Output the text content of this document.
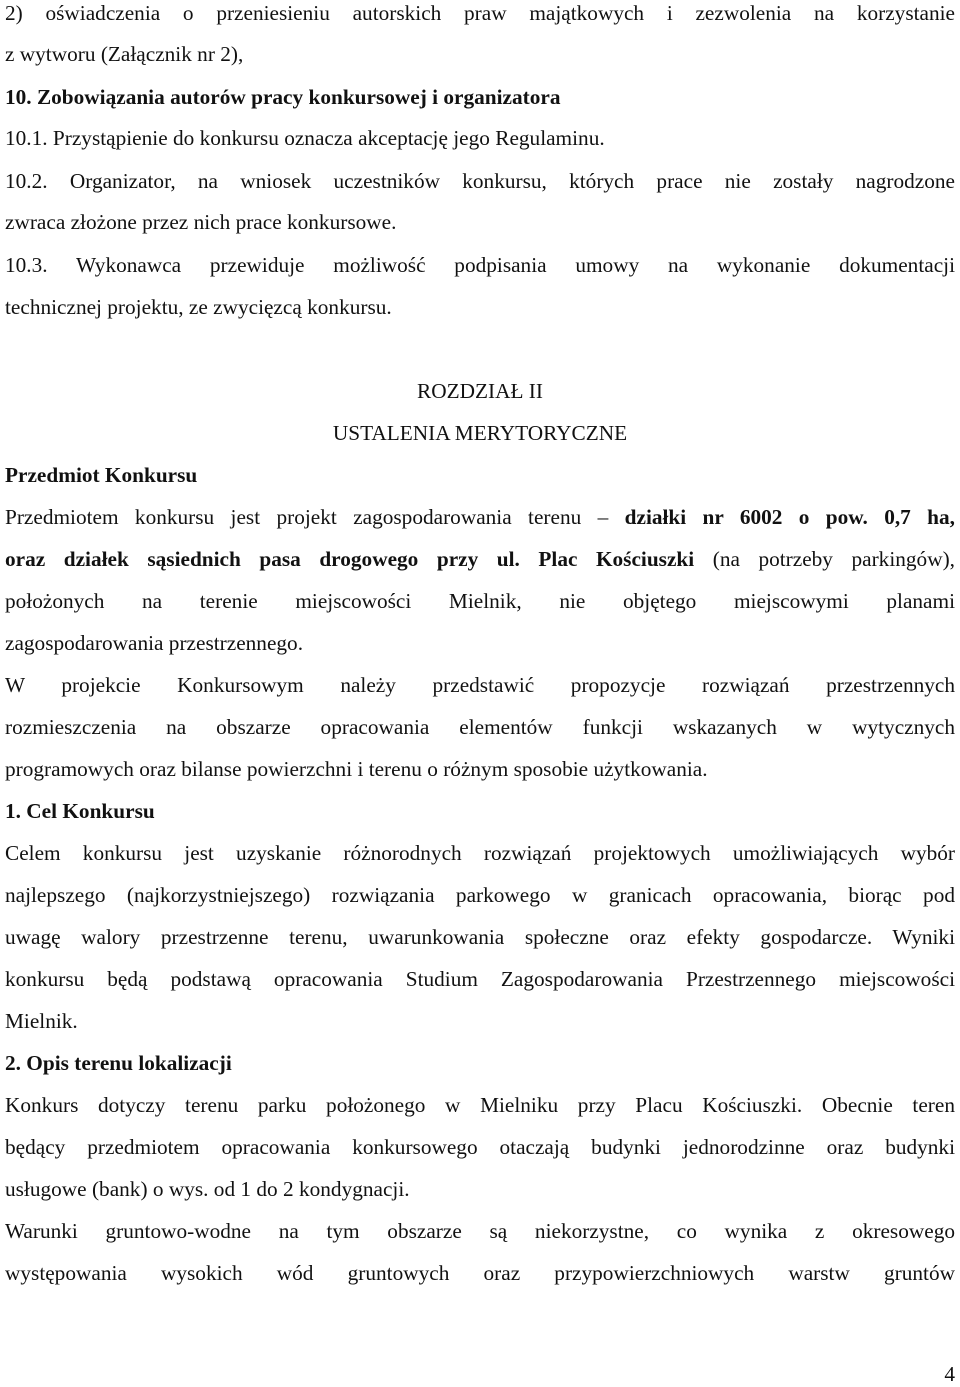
2) oświadczenia o przeniesieniu autorskich praw majątkowych i zezwolenia na korzystanie
z wytworu (Załącznik nr 2),
10. Zobowiązania autorów pracy konkursowej i organizatora
10.1. Przystąpienie do konkursu oznacza akceptację jego Regulaminu.
10.2. Organizator, na wniosek uczestników konkursu, których prace nie zostały nagrodzone
zwraca złożone przez nich prace konkursowe.
10.3. Wykonawca przewiduje możliwość podpisania umowy na wykonanie dokumentacji
technicznej projektu, ze zwycięzcą konkursu.
ROZDZIAŁ II
USTALENIA MERYTORYCZNE
Przedmiot Konkursu
Przedmiotem konkursu jest projekt zagospodarowania terenu – działki nr 6002 o pow. 0,7 ha,
oraz działek sąsiednich pasa drogowego przy ul. Plac Kościuszki (na potrzeby parkingów),
położonych na terenie miejscowości Mielnik, nie objętego miejscowymi planami
zagospodarowania przestrzennego.
W projekcie Konkursowym należy przedstawić propozycje rozwiązań przestrzennych
rozmieszczenia na obszarze opracowania elementów funkcji wskazanych w wytycznych
programowych oraz bilanse powierzchni i terenu o różnym sposobie użytkowania.
1. Cel Konkursu
Celem konkursu jest uzyskanie różnorodnych rozwiązań projektowych umożliwiających wybór
najlepszego (najkorzystniejszego) rozwiązania parkowego w granicach opracowania, biorąc pod
uwagę walory przestrzenne terenu, uwarunkowania społeczne oraz efekty gospodarcze. Wyniki
konkursu będą podstawą opracowania Studium Zagospodarowania Przestrzennego miejscowości
Mielnik.
2. Opis terenu lokalizacji
Konkurs dotyczy terenu parku położonego w Mielniku przy Placu Kościuszki. Obecnie teren
będący przedmiotem opracowania konkursowego otaczają budynki jednorodzinne oraz budynki
usługowe (bank) o wys. od 1 do 2 kondygnacji.
Warunki gruntowo-wodne na tym obszarze są niekorzystne, co wynika z okresowego
występowania wysokich wód gruntowych oraz przypowierzchniowych warstw gruntów
4
